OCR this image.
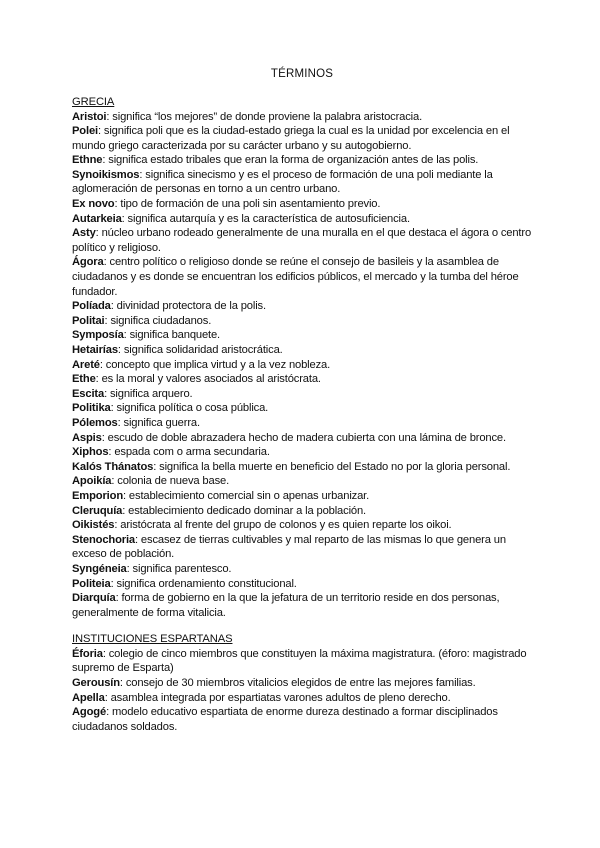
TÉRMINOS
GRECIA
Aristoi: significa “los mejores” de donde proviene la palabra aristocracia.
Polei: significa poli que es la ciudad-estado griega la cual es la unidad por excelencia en el mundo griego caracterizada por su carácter urbano y su autogobierno.
Ethne: significa estado tribales que eran la forma de organización antes de las polis.
Synoikismos: significa sinecismo y es el proceso de formación de una poli mediante la aglomeración de personas en torno a un centro urbano.
Ex novo: tipo de formación de una poli sin asentamiento previo.
Autarkeia: significa autarquía y es la característica de autosuficiencia.
Asty: núcleo urbano rodeado generalmente de una muralla en el que destaca el ágora o centro político y religioso.
Ágora: centro político o religioso donde se reúne el consejo de basileis y la asamblea de ciudadanos y es donde se encuentran los edificios públicos, el mercado y la tumba del héroe fundador.
Políada: divinidad protectora de la polis.
Politai: significa ciudadanos.
Symposía: significa banquete.
Hetairías: significa solidaridad aristocrática.
Areté: concepto que implica virtud y a la vez nobleza.
Ethe: es la moral y valores asociados al aristócrata.
Escita: significa arquero.
Politika: significa política o cosa pública.
Pólemos: significa guerra.
Aspis: escudo de doble abrazadera hecho de madera cubierta con una lámina de bronce.
Xiphos: espada com o arma secundaria.
Kalós Thánatos: significa la bella muerte en beneficio del Estado no por la gloria personal.
Apoikía: colonia de nueva base.
Emporion: establecimiento comercial sin o apenas urbanizar.
Cleruquía: establecimiento dedicado dominar a la población.
Oikistés: aristócrata al frente del grupo de colonos y es quien reparte los oikoi.
Stenochoria: escasez de tierras cultivables y mal reparto de las mismas lo que genera un exceso de población.
Syngéneia: significa parentesco.
Politeia: significa ordenamiento constitucional.
Diarquía: forma de gobierno en la que la jefatura de un territorio reside en dos personas, generalmente de forma vitalicia.
INSTITUCIONES ESPARTANAS
Éforia: colegio de cinco miembros que constituyen la máxima magistratura. (éforo: magistrado supremo de Esparta)
Gerousín: consejo de 30 miembros vitalicios elegidos de entre las mejores familias.
Apella: asamblea integrada por espartiatas varones adultos de pleno derecho.
Agogé: modelo educativo espartiata de enorme dureza destinado a formar disciplinados ciudadanos soldados.
